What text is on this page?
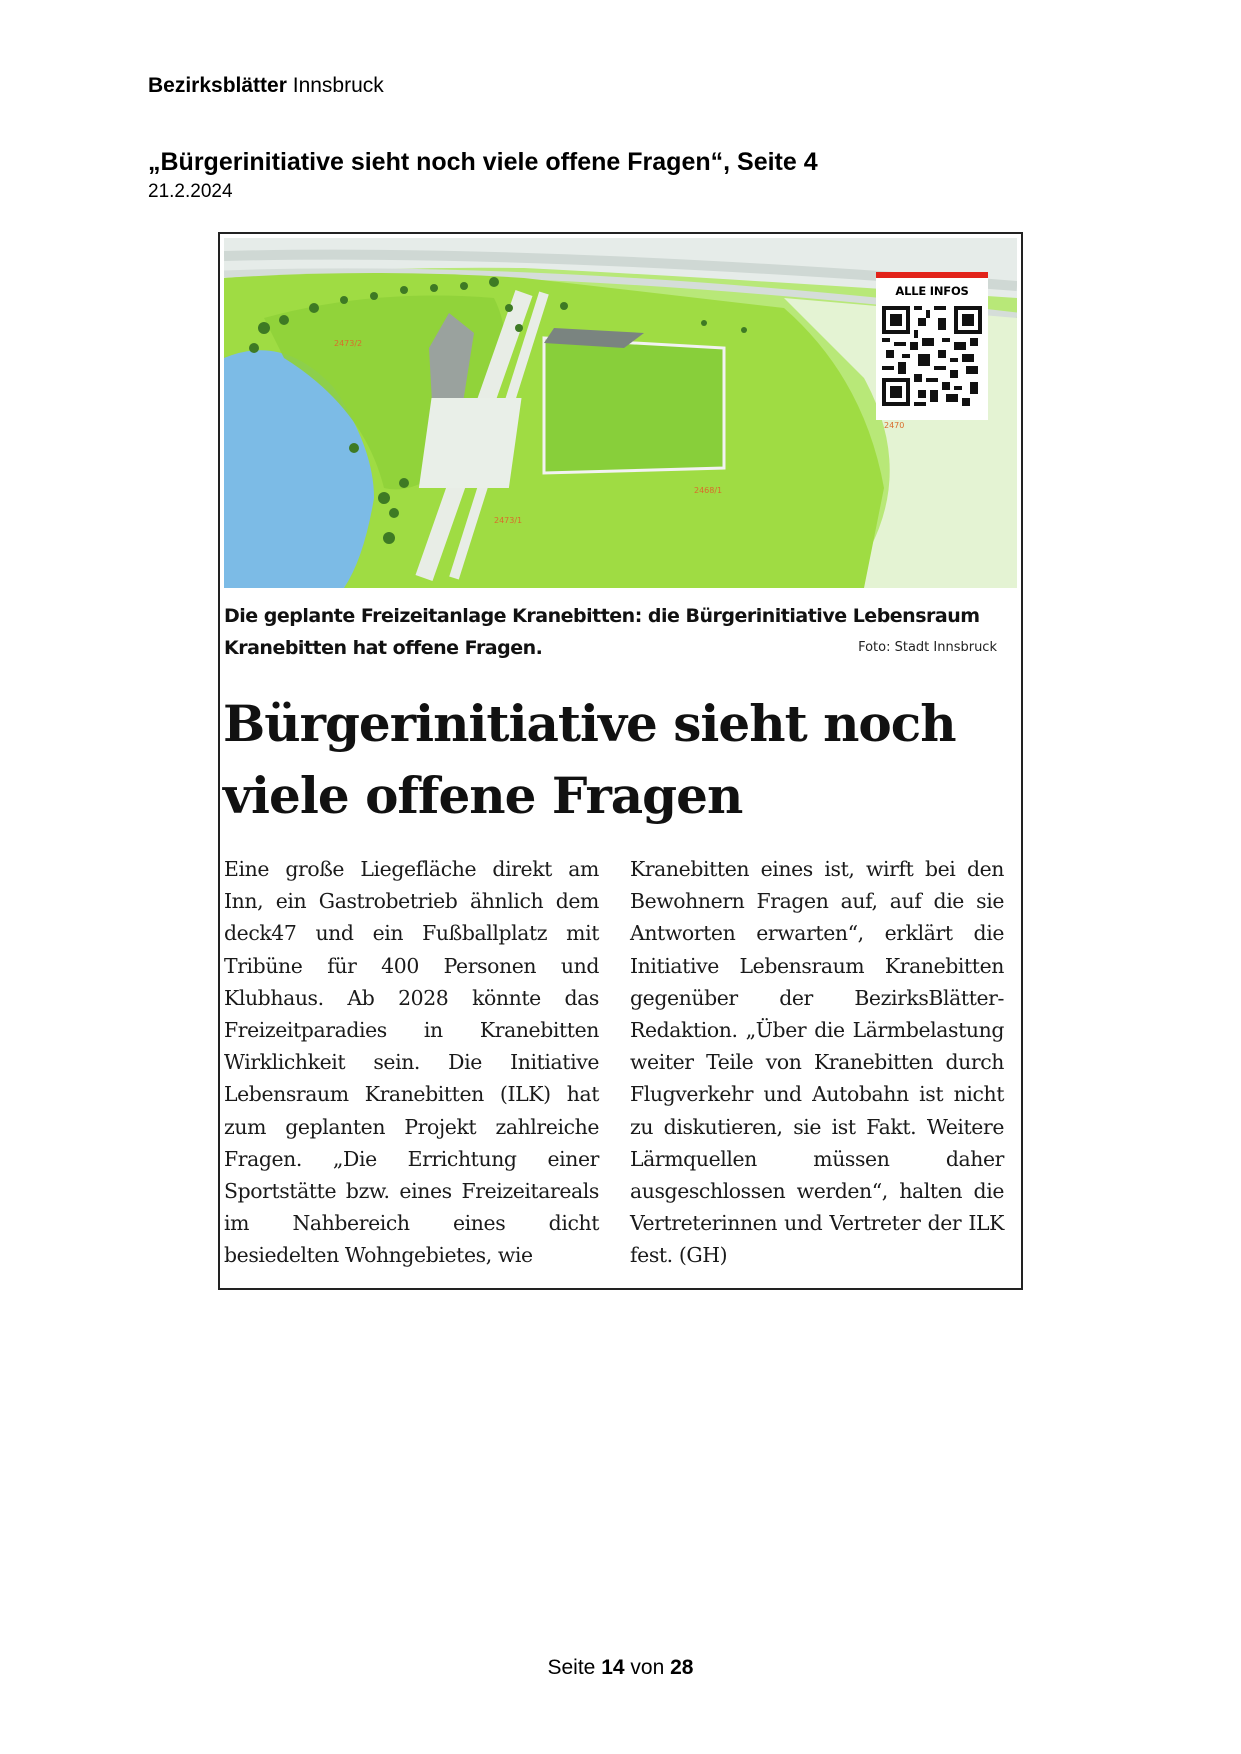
Bezirksblätter Innsbruck
„Bürgerinitiative sieht noch viele offene Fragen“, Seite 4
21.2.2024
2473/2
2473/1
2468/1
2470
ALLE INFOS
Die geplante Freizeitanlage Kranebitten: die Bürgerinitiative Lebensraum Kranebitten hat offene Fragen.	Foto: Stadt Innsbruck
Bürgerinitiative sieht noch viele offene Fragen
Eine große Liegefläche direkt am Inn, ein Gastrobetrieb ähnlich dem deck47 und ein Fußballplatz mit Tribüne für 400 Personen und Klubhaus. Ab 2028 könnte das Freizeitparadies in Kranebitten Wirklichkeit sein. Die Initiative Lebensraum Kranebitten (ILK) hat zum geplanten Projekt zahlreiche Fragen. „Die Errichtung einer Sportstätte bzw. eines Freizeitareals im Nahbereich eines dicht besiedelten Wohngebietes, wie
Kranebitten eines ist, wirft bei den Bewohnern Fragen auf, auf die sie Antworten erwarten“, erklärt die Initiative Lebensraum Kranebitten gegenüber der BezirksBlätter-Redaktion. „Über die Lärmbelastung weiter Teile von Kranebitten durch Flugverkehr und Autobahn ist nicht zu diskutieren, sie ist Fakt. Weitere Lärmquellen müssen daher ausgeschlossen werden“, halten die Vertreterinnen und Vertreter der ILK fest. (GH)
Seite 14 von 28
